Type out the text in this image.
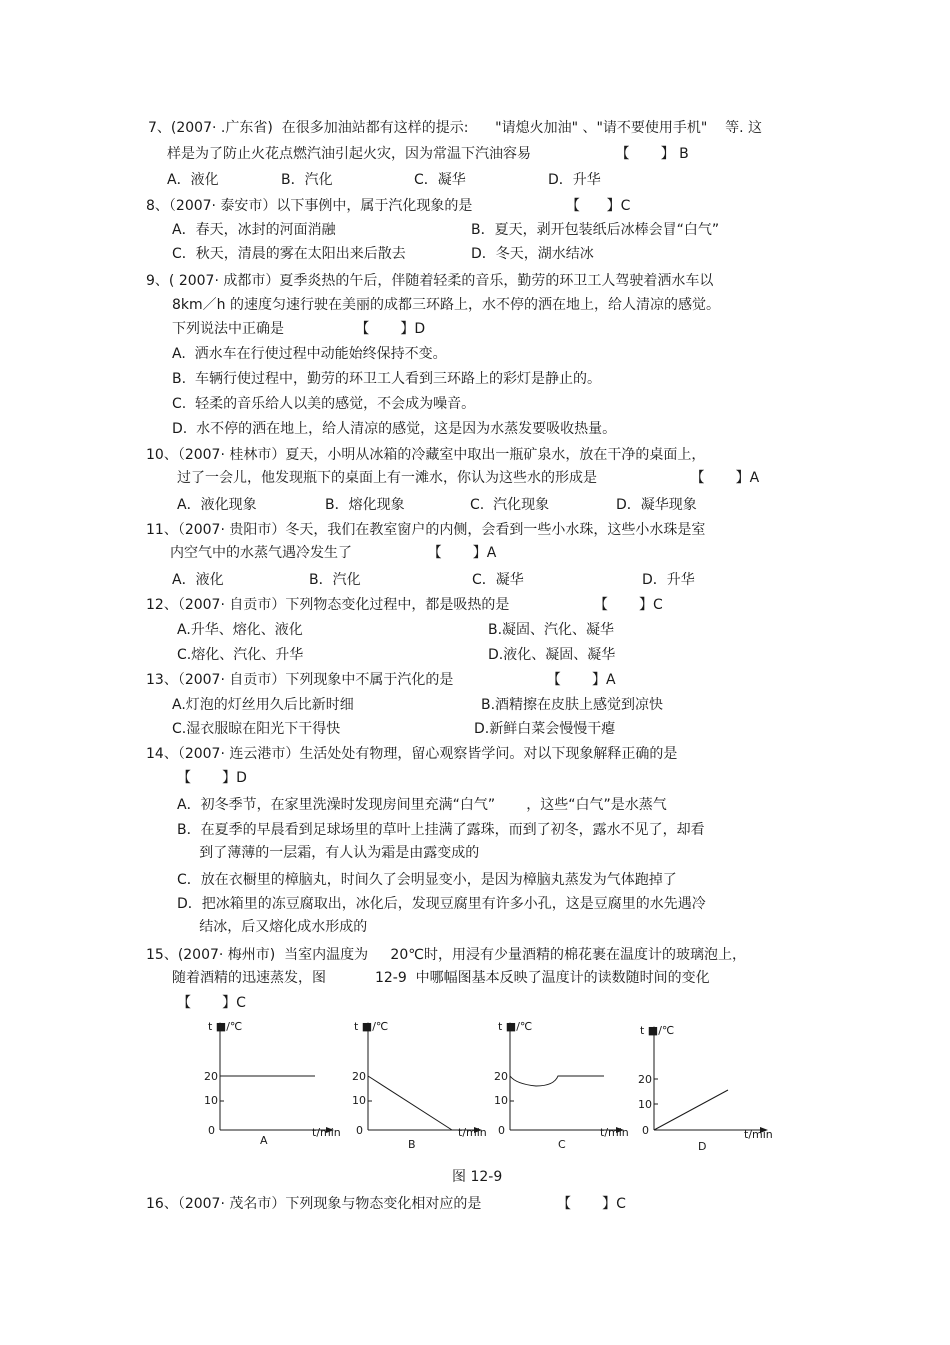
7、(2007· .广东省)  在很多加油站都有这样的提示:      "请熄火加油" 、"请不要使用手机"    等. 这
样是为了防止火花点燃汽油引起火灾，因为常温下汽油容易                   【       】 B
A．液化	B．汽化	C．凝华	D．升华
8、（2007· 泰安市）以下事例中，属于汽化现象的是                     【      】C
A．春天，冰封的河面消融	B．夏天，剥开包装纸后冰棒会冒“白气”
C．秋天，清晨的雾在太阳出来后散去	D．冬天，湖水结冰
9、( 2007· 成都市）夏季炎热的午后，伴随着轻柔的音乐，勤劳的环卫工人驾驶着洒水车以
8km／h 的速度匀速行驶在美丽的成都三环路上，水不停的洒在地上，给人清凉的感觉。
下列说法中正确是                【       】D
A.  洒水车在行使过程中动能始终保持不变。
B.  车辆行使过程中，勤劳的环卫工人看到三环路上的彩灯是静止的。
C.  轻柔的音乐给人以美的感觉，不会成为噪音。
D.  水不停的洒在地上，给人清凉的感觉，这是因为水蒸发要吸收热量。
10、（2007· 桂林市）夏天，小明从冰箱的冷藏室中取出一瓶矿泉水，放在干净的桌面上，
过了一会儿，他发现瓶下的桌面上有一滩水，你认为这些水的形成是                     【       】A
A．液化现象	B．熔化现象	C.  汽化现象	D．凝华现象
11、（2007· 贵阳市）冬天，我们在教室窗户的内侧，会看到一些小水珠，这些小水珠是室
内空气中的水蒸气遇冷发生了                 【       】A
A．液化	B．汽化	C．凝华	D．升华
12、（2007· 自贡市）下列物态变化过程中，都是吸热的是                   【       】C
A.升华、熔化、液化	B.凝固、汽化、凝华
C.熔化、汽化、升华	D.液化、凝固、凝华
13、（2007· 自贡市）下列现象中不属于汽化的是                     【       】A
A.灯泡的灯丝用久后比新时细	B.酒精擦在皮肤上感觉到凉快
C.湿衣服晾在阳光下干得快	D.新鲜白菜会慢慢干瘪
14、（2007· 连云港市）生活处处有物理，留心观察皆学问。对以下现象解释正确的是
【       】D
A．初冬季节，在家里洗澡时发现房间里充满“白气”       ，这些“白气”是水蒸气
B．在夏季的早晨看到足球场里的草叶上挂满了露珠，而到了初冬，露水不见了，却看
到了薄薄的一层霜，有人认为霜是由露变成的
C．放在衣橱里的樟脑丸，时间久了会明显变小，是因为樟脑丸蒸发为气体跑掉了
D．把冰箱里的冻豆腐取出，冰化后，发现豆腐里有许多小孔，这是豆腐里的水先遇冷
结冰，后又熔化成水形成的
15、(2007· 梅州市)  当室内温度为     20℃时，用浸有少量酒精的棉花裹在温度计的玻璃泡上，
随着酒精的迅速蒸发，图           12-9  中哪幅图基本反映了温度计的读数随时间的变化
【       】C
t ■/℃
20
10
0	t/min
A
t ■/℃
20
10
0	t/min
B
t ■/℃
20
10
0	t/min
C
t ■/℃
20
10
0	t/min
D
图 12-9
16、（2007· 茂名市）下列现象与物态变化相对应的是                 【       】C
